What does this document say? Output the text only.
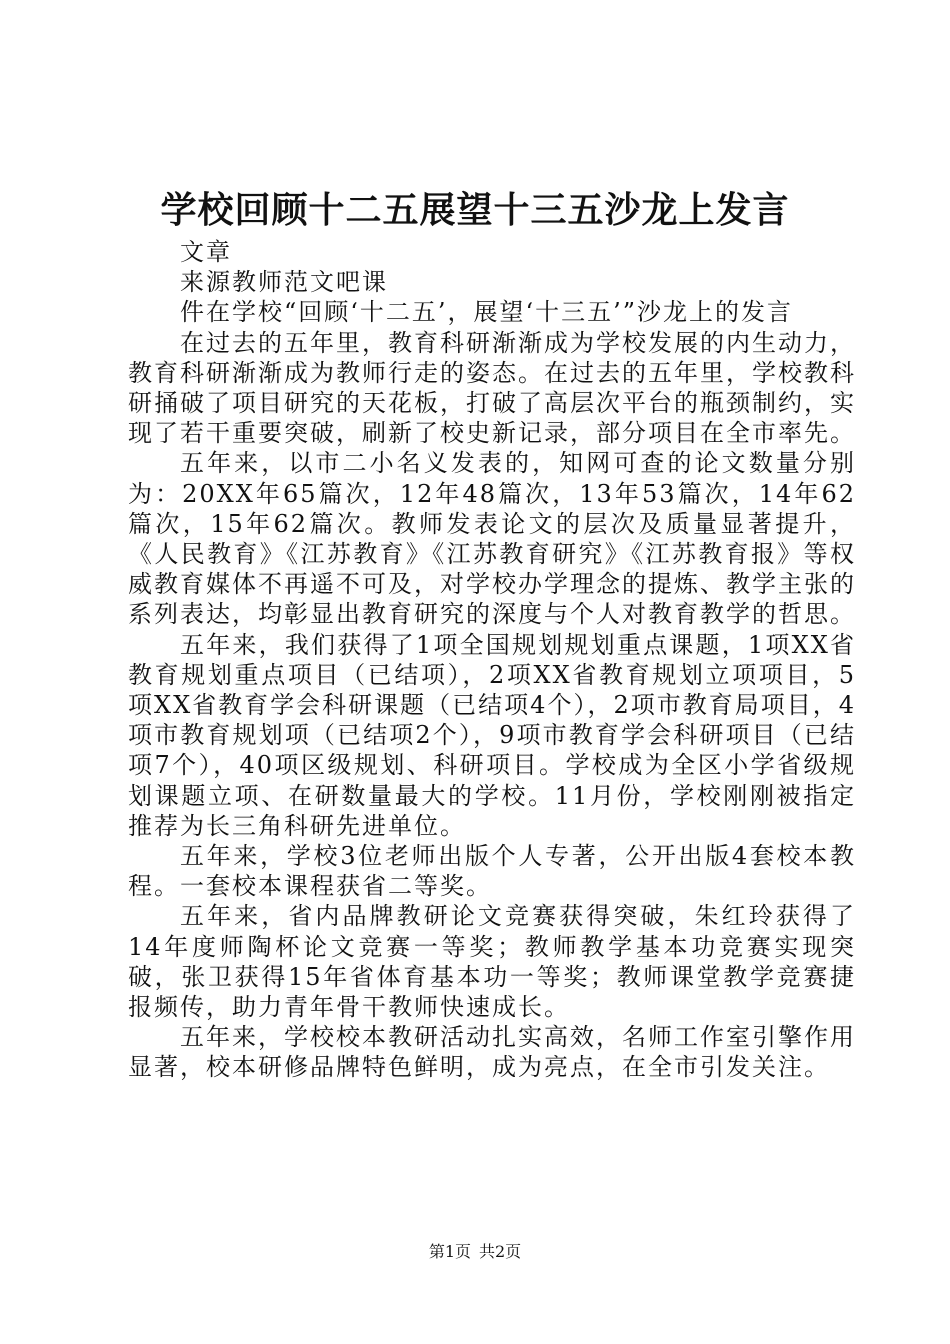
学校回顾十二五展望十三五沙龙上发言

文章

来源教师范文吧课

件在学校“回顾‘十二五’，展望‘十三五’”沙龙上的发言

在过去的五年里，教育科研渐渐成为学校发展的内生动力，教育科研渐渐成为教师行走的姿态。在过去的五年里，学校教科研捅破了项目研究的天花板，打破了高层次平台的瓶颈制约，实现了若干重要突破，刷新了校史新记录，部分项目在全市率先。

五年来，以市二小名义发表的，知网可查的论文数量分别为：20XX年65篇次，12年48篇次，13年53篇次，14年62篇次，15年62篇次。教师发表论文的层次及质量显著提升，《人民教育》《江苏教育》《江苏教育研究》《江苏教育报》等权威教育媒体不再遥不可及，对学校办学理念的提炼、教学主张的系列表达，均彰显出教育研究的深度与个人对教育教学的哲思。

五年来，我们获得了1项全国规划规划重点课题，1项XX省教育规划重点项目（已结项），2项XX省教育规划立项项目，5项XX省教育学会科研课题（已结项4个），2项市教育局项目，4项市教育规划项（已结项2个），9项市教育学会科研项目（已结项7个），40项区级规划、科研项目。学校成为全区小学省级规划课题立项、在研数量最大的学校。11月份，学校刚刚被指定推荐为长三角科研先进单位。

五年来，学校3位老师出版个人专著，公开出版4套校本教程。一套校本课程获省二等奖。

五年来，省内品牌教研论文竞赛获得突破，朱红玲获得了14年度师陶杯论文竞赛一等奖；教师教学基本功竞赛实现突破，张卫获得15年省体育基本功一等奖；教师课堂教学竞赛捷报频传，助力青年骨干教师快速成长。

五年来，学校校本教研活动扎实高效，名师工作室引擎作用显著，校本研修品牌特色鲜明，成为亮点，在全市引发关注。

第1页 共2页
